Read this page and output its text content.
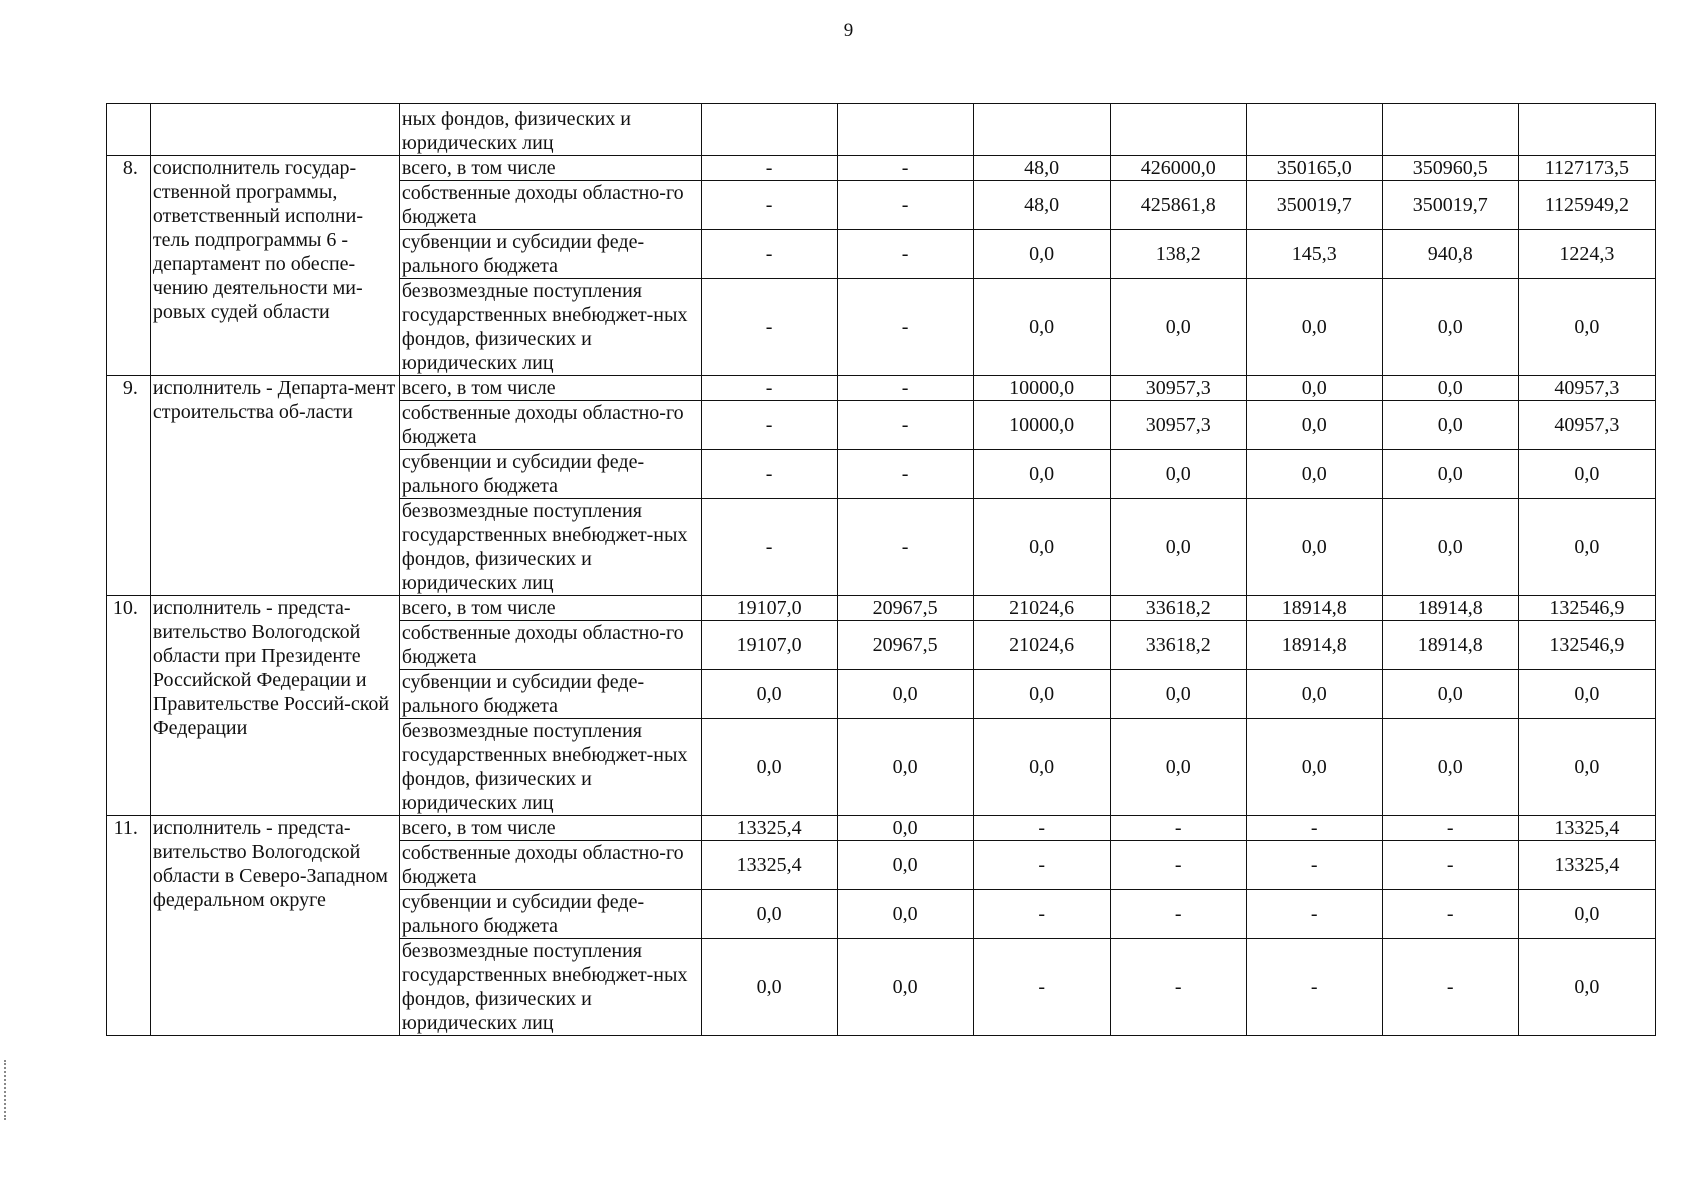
9
		ных фондов, физических и юридических лиц							
8.	соисполнитель государ-ственной программы, ответственный исполни-тель подпрограммы 6 - департамент по обеспе-чению деятельности ми-ровых судей области	всего, в том числе	-	-	48,0	426000,0	350165,0	350960,5	1127173,5
		собственные доходы областно-го бюджета	-	-	48,0	425861,8	350019,7	350019,7	1125949,2
		субвенции и субсидии феде-рального бюджета	-	-	0,0	138,2	145,3	940,8	1224,3
		безвозмездные поступления государственных внебюджет-ных фондов, физических и юридических лиц	-	-	0,0	0,0	0,0	0,0	0,0
9.	исполнитель - Департа-мент строительства об-ласти	всего, в том числе	-	-	10000,0	30957,3	0,0	0,0	40957,3
		собственные доходы областно-го бюджета	-	-	10000,0	30957,3	0,0	0,0	40957,3
		субвенции и субсидии феде-рального бюджета	-	-	0,0	0,0	0,0	0,0	0,0
		безвозмездные поступления государственных внебюджет-ных фондов, физических и юридических лиц	-	-	0,0	0,0	0,0	0,0	0,0
10.	исполнитель - предста-вительство Вологодской области при Президенте Российской Федерации и Правительстве Россий-ской Федерации	всего, в том числе	19107,0	20967,5	21024,6	33618,2	18914,8	18914,8	132546,9
		собственные доходы областно-го бюджета	19107,0	20967,5	21024,6	33618,2	18914,8	18914,8	132546,9
		субвенции и субсидии феде-рального бюджета	0,0	0,0	0,0	0,0	0,0	0,0	0,0
		безвозмездные поступления государственных внебюджет-ных фондов, физических и юридических лиц	0,0	0,0	0,0	0,0	0,0	0,0	0,0
11.	исполнитель - предста-вительство Вологодской области в Северо-Западном федеральном округе	всего, в том числе	13325,4	0,0	-	-	-	-	13325,4
		собственные доходы областно-го бюджета	13325,4	0,0	-	-	-	-	13325,4
		субвенции и субсидии феде-рального бюджета	0,0	0,0	-	-	-	-	0,0
		безвозмездные поступления государственных внебюджет-ных фондов, физических и юридических лиц	0,0	0,0	-	-	-	-	0,0
